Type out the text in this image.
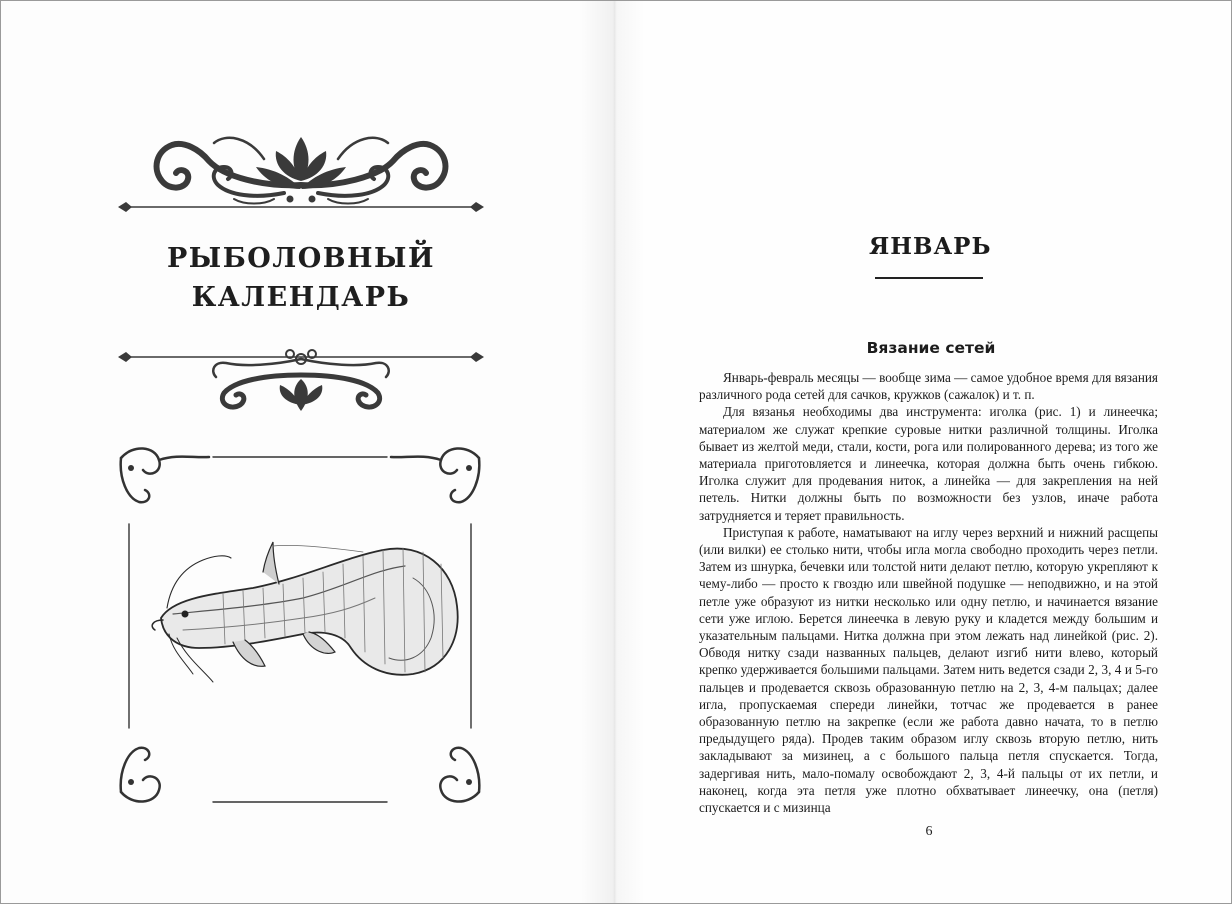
РЫБОЛОВНЫЙ
КАЛЕНДАРЬ
ЯНВАРЬ
Вязание сетей

Январь-февраль месяцы — вообще зима — самое удобное время для вязания различного рода сетей для сачков, кружков (сажалок) и т. п.

Для вязанья необходимы два инструмента: иголка (рис. 1) и линеечка; материалом же служат крепкие суровые нитки различной толщины. Иголка бывает из желтой меди, стали, кости, рога или полированного дерева; из того же материала приготовляется и линеечка, которая должна быть очень гибкою. Иголка служит для продевания ниток, а линейка — для закрепления на ней петель. Нитки должны быть по возможности без узлов, иначе работа затрудняется и теряет правильность.

Приступая к работе, наматывают на иглу через верхний и нижний расщепы (или вилки) ее столько нити, чтобы игла могла свободно проходить через петли. Затем из шнурка, бечевки или толстой нити делают петлю, которую укрепляют к чему-либо — просто к гвоздю или швейной подушке — неподвижно, и на этой петле уже образуют из нитки несколько или одну петлю, и начинается вязание сети уже иглою. Берется линеечка в левую руку и кладется между большим и указательным пальцами. Нитка должна при этом лежать над линейкой (рис. 2). Обводя нитку сзади названных пальцев, делают изгиб нити влево, который крепко удерживается большими пальцами. Затем нить ведется сзади 2, 3, 4 и 5-го пальцев и продевается сквозь образованную петлю на 2, 3, 4-м пальцах; далее игла, пропускаемая спереди линейки, тотчас же продевается в ранее образованную петлю на закрепке (если же работа давно начата, то в петлю предыдущего ряда). Продев таким образом иглу сквозь вторую петлю, нить закладывают за мизинец, а с большого пальца петля спускается. Тогда, задергивая нить, мало-помалу освобождают 2, 3, 4-й пальцы от их петли, и наконец, когда эта петля уже плотно обхватывает линеечку, она (петля) спускается и с мизинца

6
